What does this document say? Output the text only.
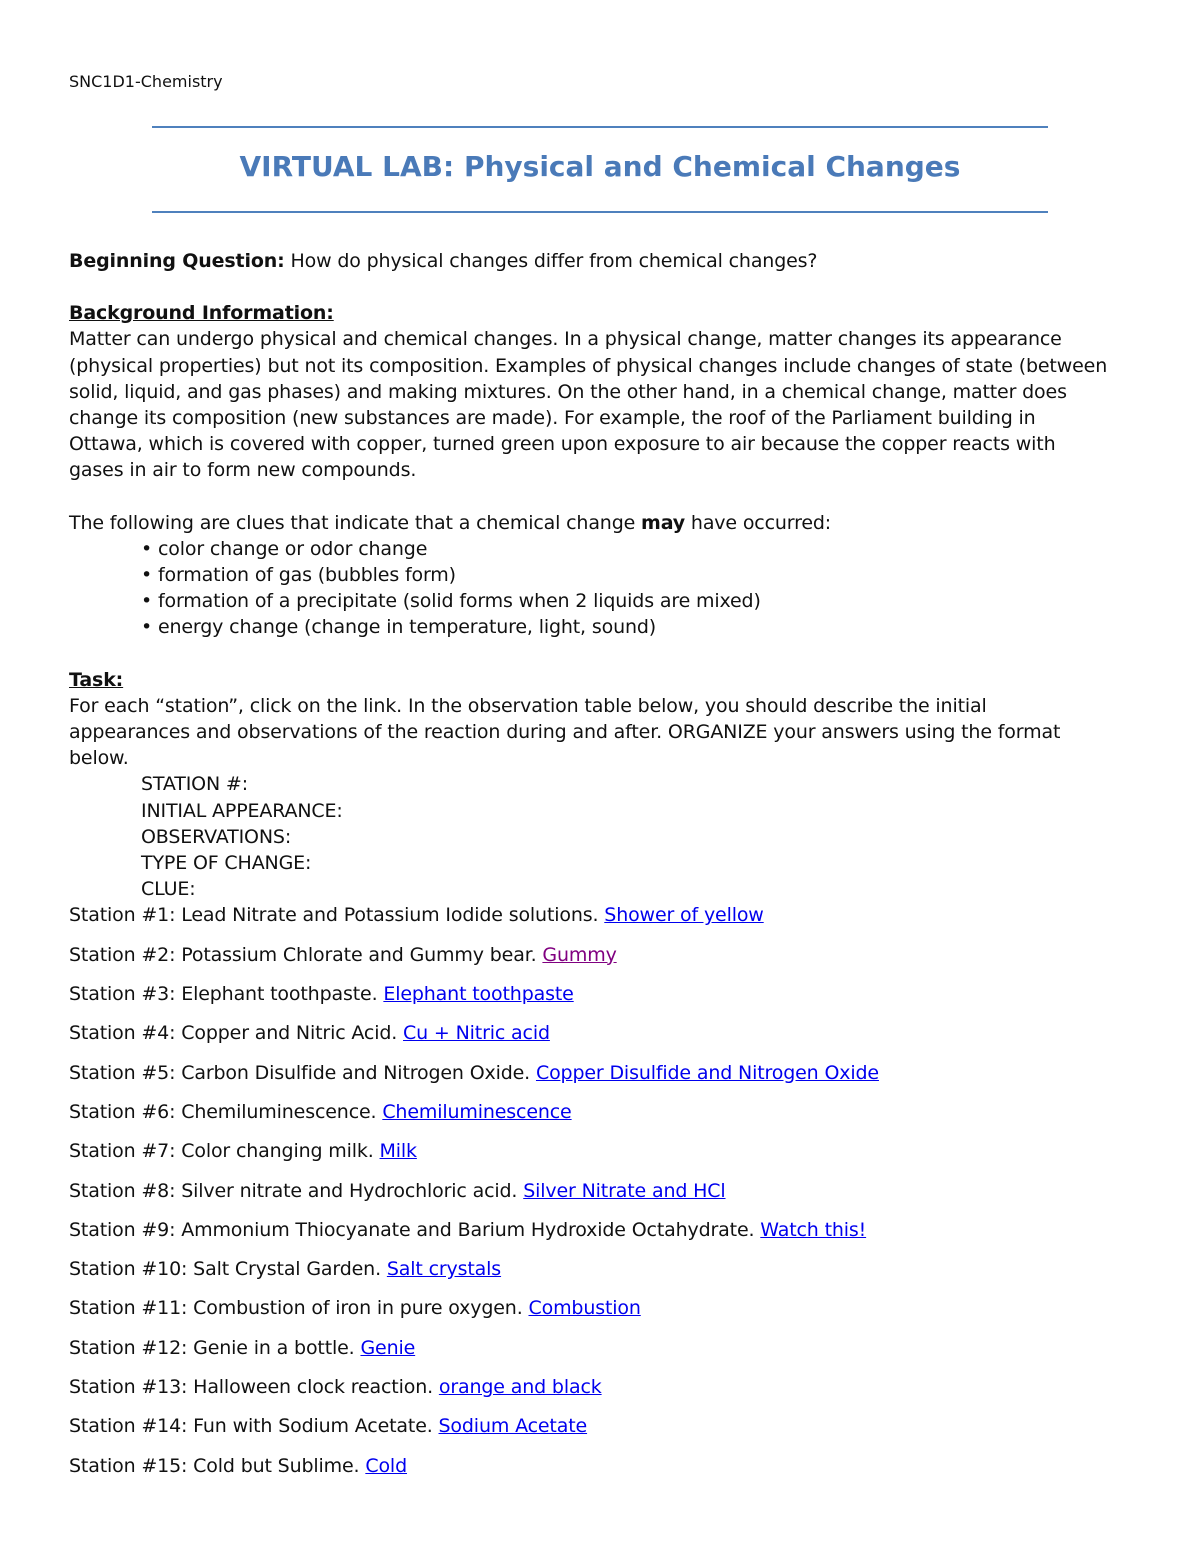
SNC1D1-Chemistry
VIRTUAL LAB: Physical and Chemical Changes

Beginning Question: How do physical changes differ from chemical changes?

Background Information:

Matter can undergo physical and chemical changes. In a physical change, matter changes its appearance

(physical properties) but not its composition. Examples of physical changes include changes of state (between

solid, liquid, and gas phases) and making mixtures. On the other hand, in a chemical change, matter does

change its composition (new substances are made). For example, the roof of the Parliament building in

Ottawa, which is covered with copper, turned green upon exposure to air because the copper reacts with

gases in air to form new compounds.

The following are clues that indicate that a chemical change may have occurred:

• color change or odor change
• formation of gas (bubbles form)
• formation of a precipitate (solid forms when 2 liquids are mixed)
• energy change (change in temperature, light, sound)

Task:

For each “station”, click on the link. In the observation table below, you should describe the initial

appearances and observations of the reaction during and after. ORGANIZE your answers using the format

below.

STATION #:

INITIAL APPEARANCE:

OBSERVATIONS:

TYPE OF CHANGE:

CLUE:

Station #1: Lead Nitrate and Potassium Iodide solutions. Shower of yellow

Station #2: Potassium Chlorate and Gummy bear. Gummy

Station #3: Elephant toothpaste. Elephant toothpaste

Station #4: Copper and Nitric Acid. Cu + Nitric acid

Station #5: Carbon Disulfide and Nitrogen Oxide. Copper Disulfide and Nitrogen Oxide

Station #6: Chemiluminescence. Chemiluminescence

Station #7: Color changing milk. Milk

Station #8: Silver nitrate and Hydrochloric acid. Silver Nitrate and HCl

Station #9: Ammonium Thiocyanate and Barium Hydroxide Octahydrate. Watch this!

Station #10: Salt Crystal Garden. Salt crystals

Station #11: Combustion of iron in pure oxygen. Combustion

Station #12: Genie in a bottle. Genie

Station #13: Halloween clock reaction. orange and black

Station #14: Fun with Sodium Acetate. Sodium Acetate

Station #15: Cold but Sublime. Cold
